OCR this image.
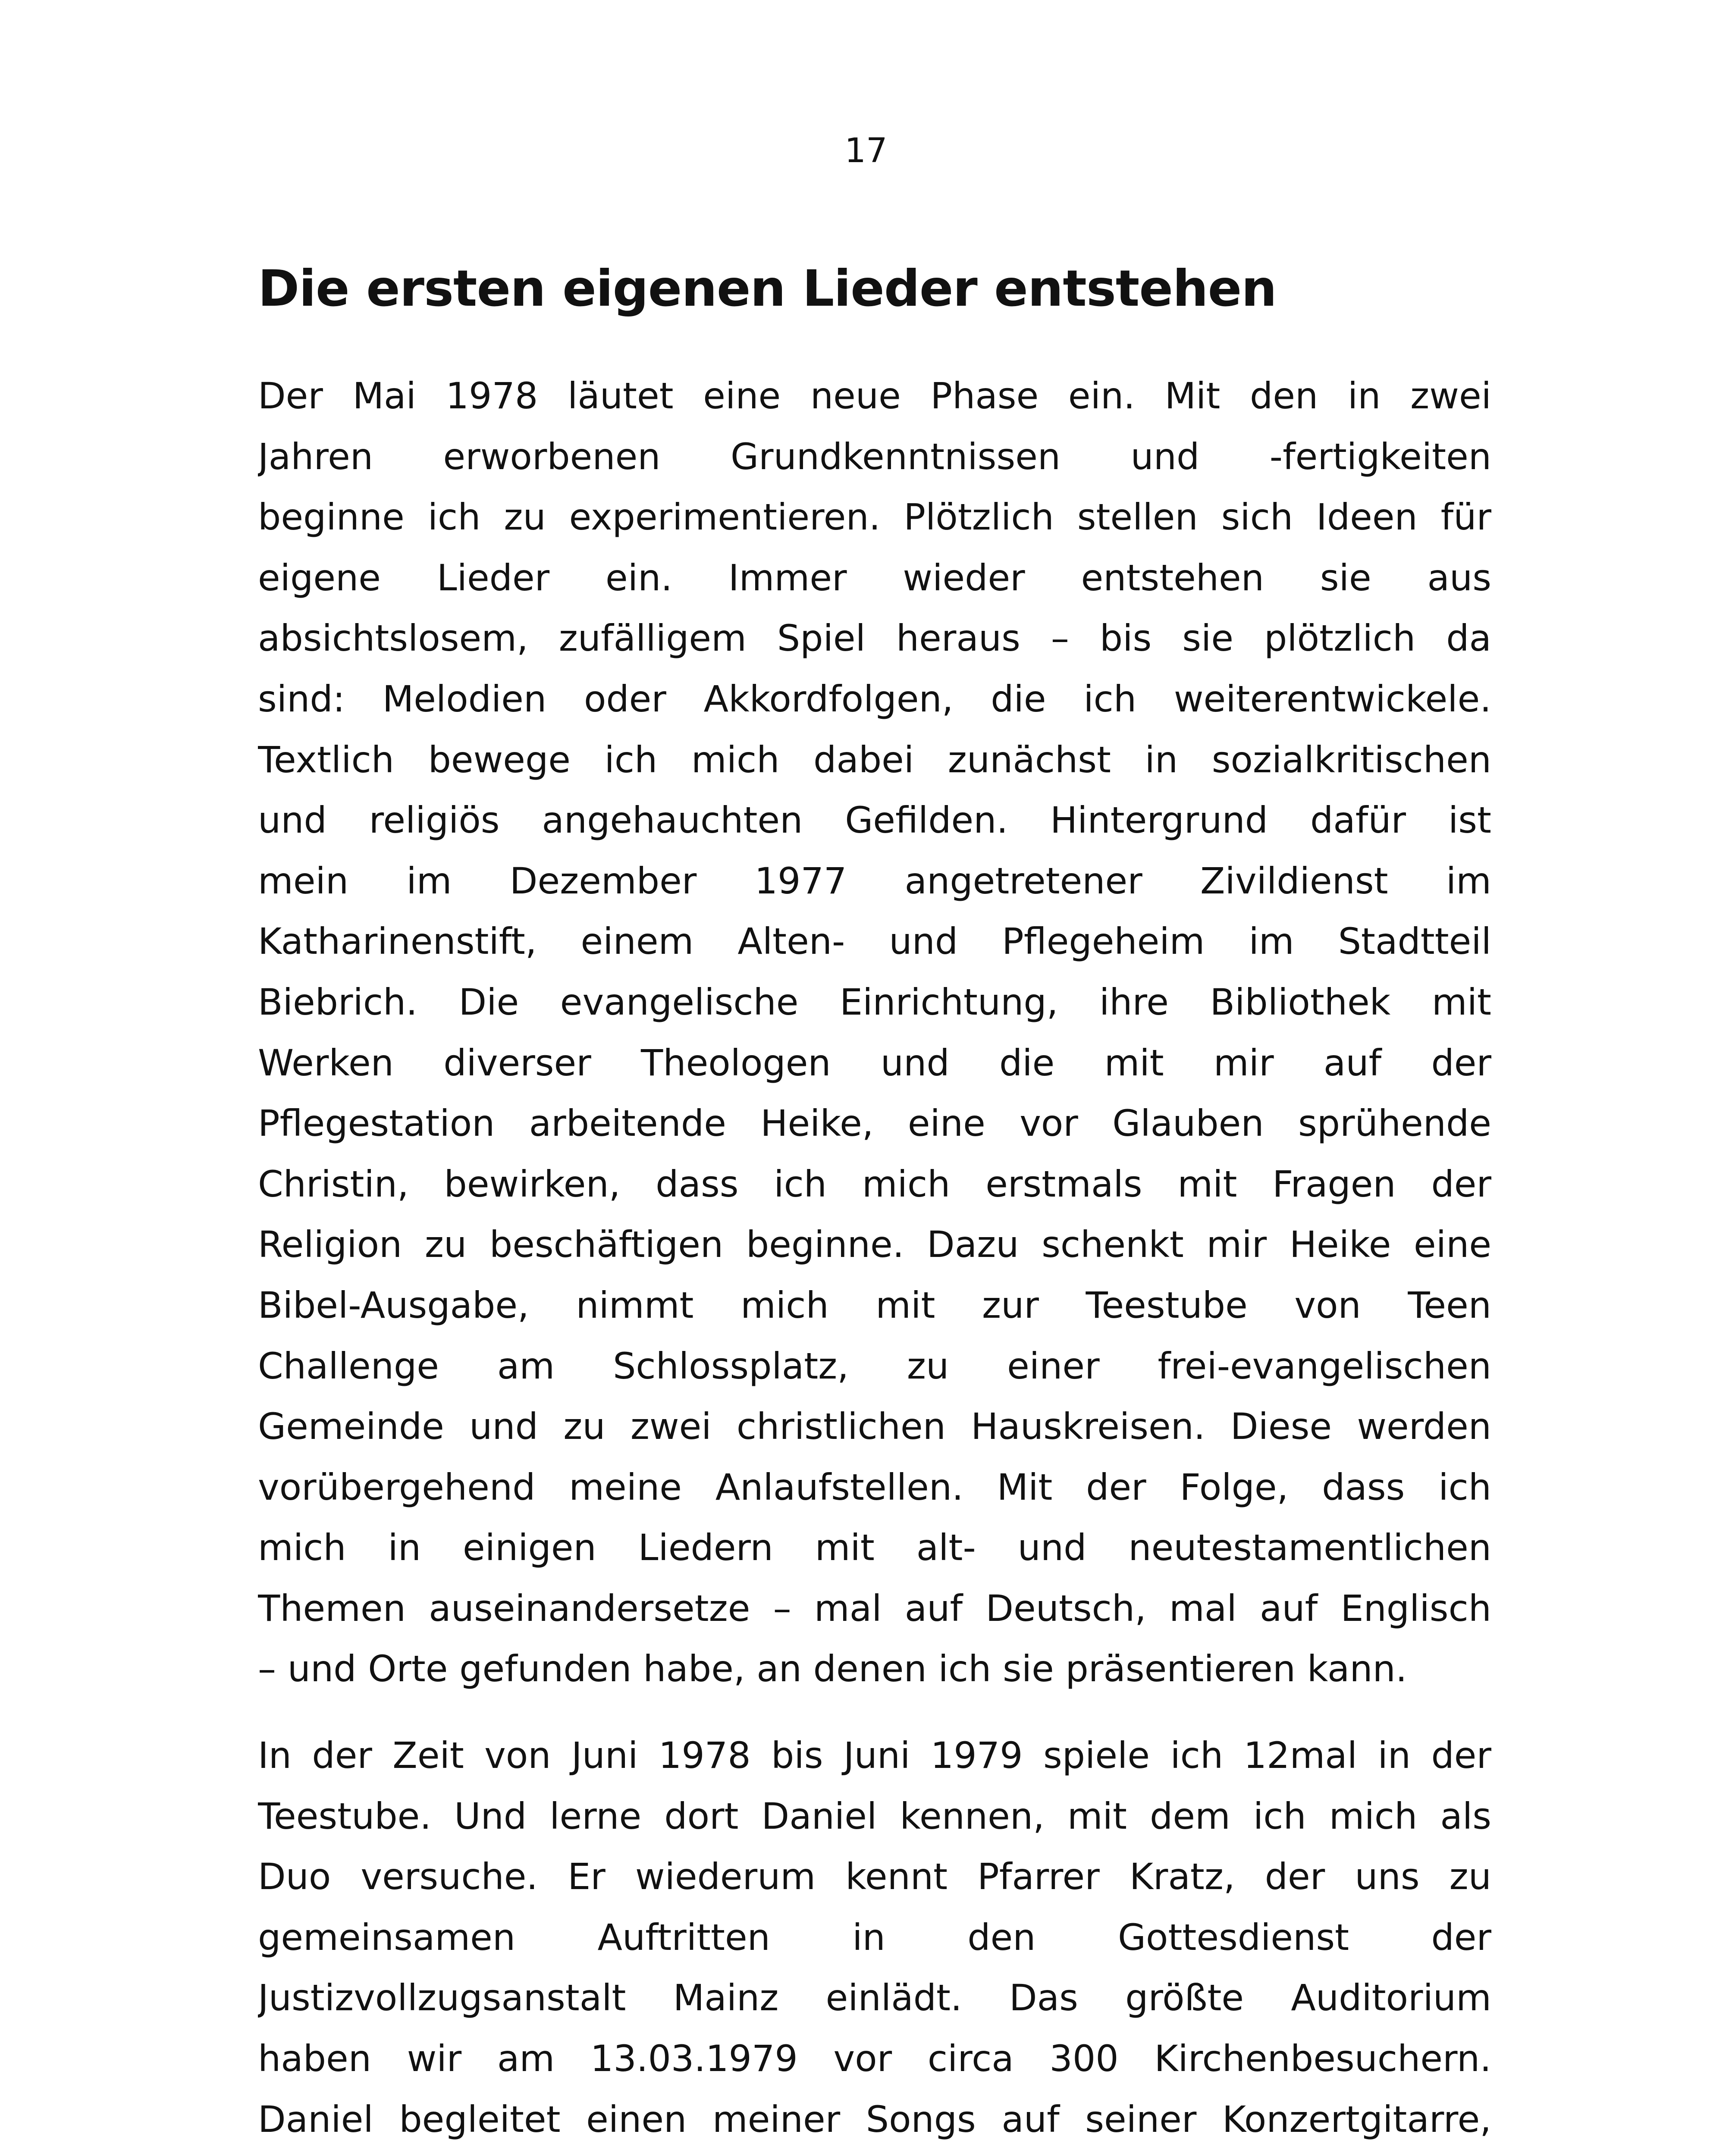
17
Die ersten eigenen Lieder entstehen
Der Mai 1978 läutet eine neue Phase ein. Mit den in zwei
Jahren erworbenen Grundkenntnissen und -fertigkeiten
beginne ich zu experimentieren. Plötzlich stellen sich Ideen für
eigene Lieder ein. Immer wieder entstehen sie aus
absichtslosem, zufälligem Spiel heraus – bis sie plötzlich da
sind: Melodien oder Akkordfolgen, die ich weiterentwickele.
Textlich bewege ich mich dabei zunächst in sozialkritischen
und religiös angehauchten Gefilden. Hintergrund dafür ist
mein im Dezember 1977 angetretener Zivildienst im
Katharinenstift, einem Alten- und Pflegeheim im Stadtteil
Biebrich. Die evangelische Einrichtung, ihre Bibliothek mit
Werken diverser Theologen und die mit mir auf der
Pflegestation arbeitende Heike, eine vor Glauben sprühende
Christin, bewirken, dass ich mich erstmals mit Fragen der
Religion zu beschäftigen beginne. Dazu schenkt mir Heike eine
Bibel-Ausgabe, nimmt mich mit zur Teestube von Teen
Challenge am Schlossplatz, zu einer frei-evangelischen
Gemeinde und zu zwei christlichen Hauskreisen. Diese werden
vorübergehend meine Anlaufstellen. Mit der Folge, dass ich
mich in einigen Liedern mit alt- und neutestamentlichen
Themen auseinandersetze – mal auf Deutsch, mal auf Englisch
– und Orte gefunden habe, an denen ich sie präsentieren kann.
In der Zeit von Juni 1978 bis Juni 1979 spiele ich 12mal in der
Teestube. Und lerne dort Daniel kennen, mit dem ich mich als
Duo versuche. Er wiederum kennt Pfarrer Kratz, der uns zu
gemeinsamen Auftritten in den Gottesdienst der
Justizvollzugsanstalt Mainz einlädt. Das größte Auditorium
haben wir am 13.03.1979 vor circa 300 Kirchenbesuchern.
Daniel begleitet einen meiner Songs auf seiner Konzertgitarre,
